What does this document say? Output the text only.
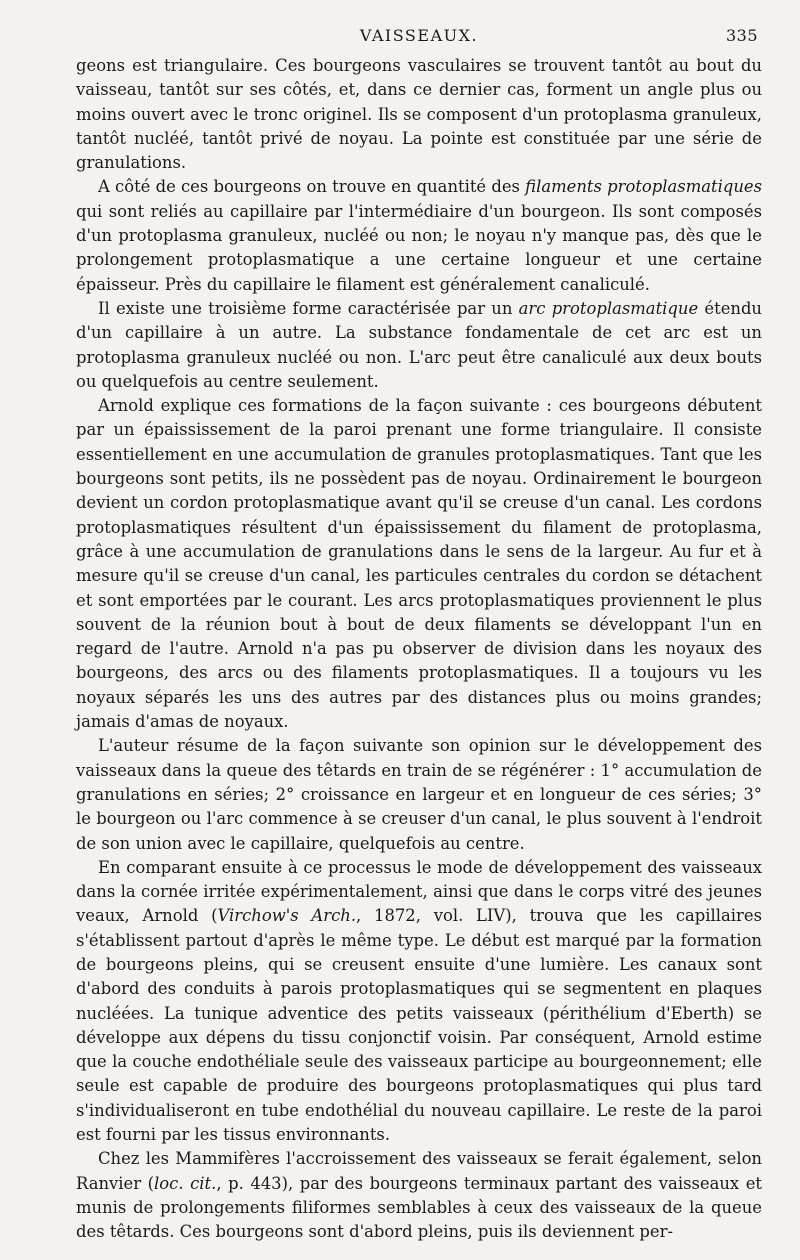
VAISSEAUX.	335

geons est triangulaire. Ces bourgeons vasculaires se trouvent tantôt au bout du vaisseau, tantôt sur ses côtés, et, dans ce dernier cas, forment un angle plus ou moins ouvert avec le tronc originel. Ils se composent d'un protoplasma granuleux, tantôt nucléé, tantôt privé de noyau. La pointe est constituée par une série de granulations.

A côté de ces bourgeons on trouve en quantité des filaments protoplasmatiques qui sont reliés au capillaire par l'intermédiaire d'un bourgeon. Ils sont composés d'un protoplasma granuleux, nucléé ou non; le noyau n'y manque pas, dès que le prolongement protoplasmatique a une certaine longueur et une certaine épaisseur. Près du capillaire le filament est généralement canaliculé.

Il existe une troisième forme caractérisée par un arc protoplasmatique étendu d'un capillaire à un autre. La substance fondamentale de cet arc est un protoplasma granuleux nucléé ou non. L'arc peut être canaliculé aux deux bouts ou quelquefois au centre seulement.

Arnold explique ces formations de la façon suivante : ces bourgeons débutent par un épaississement de la paroi prenant une forme triangulaire. Il consiste essentiellement en une accumulation de granules protoplasmatiques. Tant que les bourgeons sont petits, ils ne possèdent pas de noyau. Ordinairement le bourgeon devient un cordon protoplasmatique avant qu'il se creuse d'un canal. Les cordons protoplasmatiques résultent d'un épaississement du filament de protoplasma, grâce à une accumulation de granulations dans le sens de la largeur. Au fur et à mesure qu'il se creuse d'un canal, les particules centrales du cordon se détachent et sont emportées par le courant. Les arcs protoplasmatiques proviennent le plus souvent de la réunion bout à bout de deux filaments se développant l'un en regard de l'autre. Arnold n'a pas pu observer de division dans les noyaux des bourgeons, des arcs ou des filaments protoplasmatiques. Il a toujours vu les noyaux séparés les uns des autres par des distances plus ou moins grandes; jamais d'amas de noyaux.

L'auteur résume de la façon suivante son opinion sur le développement des vaisseaux dans la queue des têtards en train de se régénérer : 1° accumulation de granulations en séries; 2° croissance en largeur et en longueur de ces séries; 3° le bourgeon ou l'arc commence à se creuser d'un canal, le plus souvent à l'endroit de son union avec le capillaire, quelquefois au centre.

En comparant ensuite à ce processus le mode de développement des vaisseaux dans la cornée irritée expérimentalement, ainsi que dans le corps vitré des jeunes veaux, Arnold (Virchow's Arch., 1872, vol. LIV), trouva que les capillaires s'établissent partout d'après le même type. Le début est marqué par la formation de bourgeons pleins, qui se creusent ensuite d'une lumière. Les canaux sont d'abord des conduits à parois protoplasmatiques qui se segmentent en plaques nucléées. La tunique adventice des petits vaisseaux (périthélium d'Eberth) se développe aux dépens du tissu conjonctif voisin. Par conséquent, Arnold estime que la couche endothéliale seule des vaisseaux participe au bourgeonnement; elle seule est capable de produire des bourgeons protoplasmatiques qui plus tard s'individualiseront en tube endothélial du nouveau capillaire. Le reste de la paroi est fourni par les tissus environnants.

Chez les Mammifères l'accroissement des vaisseaux se ferait également, selon Ranvier (loc. cit., p. 443), par des bourgeons terminaux partant des vaisseaux et munis de prolongements filiformes semblables à ceux des vaisseaux de la queue des têtards. Ces bourgeons sont d'abord pleins, puis ils deviennent per-
